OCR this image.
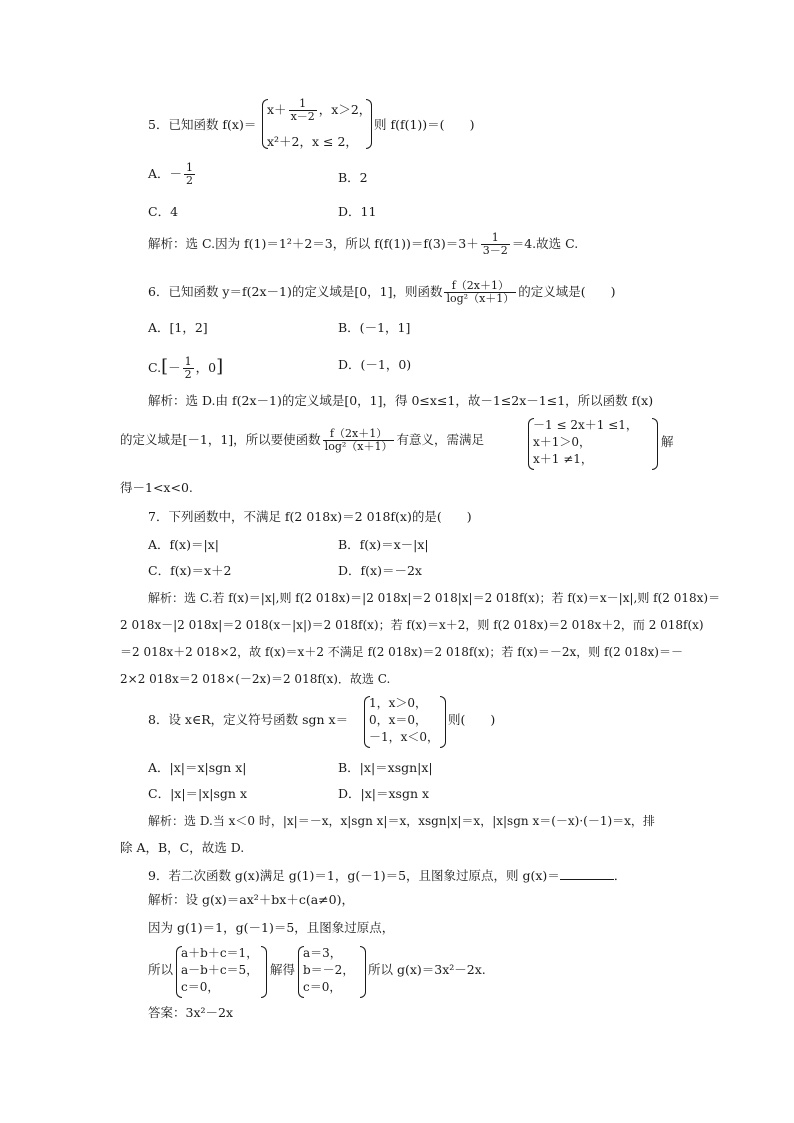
5．已知函数 f(x)＝
$x+ \frac{1}{x-2}$ ，x＞2，
x²＋2，x ≤ 2，
则 f(f(1))＝(　　)
A．－ $\frac{1}{2}$	B．2
C．4	D．11
解析：选 C.因为 f(1)＝1²＋2＝3，所以 $f(f(1))=f(3)=3+ \frac{1}{3-2} =4$.故选 C.
6．已知函数 y＝f(2x－1)的定义域是[0，1]，则函数 $\frac{f(2x+1)}{\text{log²（x＋1）}}$ 的定义域是(　　)
A．[1，2]	B．(－1，1]
$C.[- \frac{1}{2}$ ，0]	D．(－1，0)
解析：选 D.由 f(2x－1)的定义域是[0，1]，得 0≤x≤1，故－1≤2x－1≤1，所以函数 f(x)
的定义域是[－1，1]，所以要使函数 $\frac{f(2x+1)}{\text{log²（x＋1）}}$ 有意义，需满足
－1 ≤ 2x＋1 ≤1，
x＋1＞0，
x＋1 ≠1，
解
得－1<x<0.
7．下列函数中，不满足 f(2 018x)＝2 018f(x)的是(　　)
A．f(x)＝|x|	B．f(x)＝x－|x|
C．f(x)＝x＋2	D．f(x)＝－2x
解析：选 C.若 f(x)＝|x|,则 f(2 018x)＝|2 018x|＝2 018|x|＝2 018f(x)；若 f(x)＝x－|x|,则 f(2 018x)＝
2 018x－|2 018x|＝2 018(x－|x|)＝2 018f(x)；若 f(x)＝x＋2，则 f(2 018x)＝2 018x＋2，而 2 018f(x)
＝2 018x＋2 018×2，故 f(x)＝x＋2 不满足 f(2 018x)＝2 018f(x)；若 f(x)＝－2x，则 f(2 018x)＝－
2×2 018x＝2 018×(－2x)＝2 018f(x)．故选 C.
8．设 x∈R，定义符号函数 sgn x＝
1，x＞0，
0，x＝0，
－1，x＜0，
则(　　)
A．|x|＝x|sgn x|	B．|x|＝xsgn|x|
C．|x|＝|x|sgn x	D．|x|＝xsgn x
解析：选 D.当 x＜0 时，|x|＝－x，x|sgn x|＝x，xsgn|x|＝x，|x|sgn x＝(－x)·(－1)＝x，排
除 A，B，C，故选 D.
9．若二次函数 g(x)满足 g(1)＝1，g(－1)＝5，且图象过原点，则 g(x)＝	．
解析：设 g(x)＝ax²＋bx＋c(a≠0)，
因为 g(1)＝1，g(－1)＝5，且图象过原点，
所以
a＋b＋c＝1，
a－b＋c＝5，
c＝0，
解得
a＝3，
b＝－2，
c＝0，
所以 g(x)＝3x²－2x.
答案：3x²－2x
